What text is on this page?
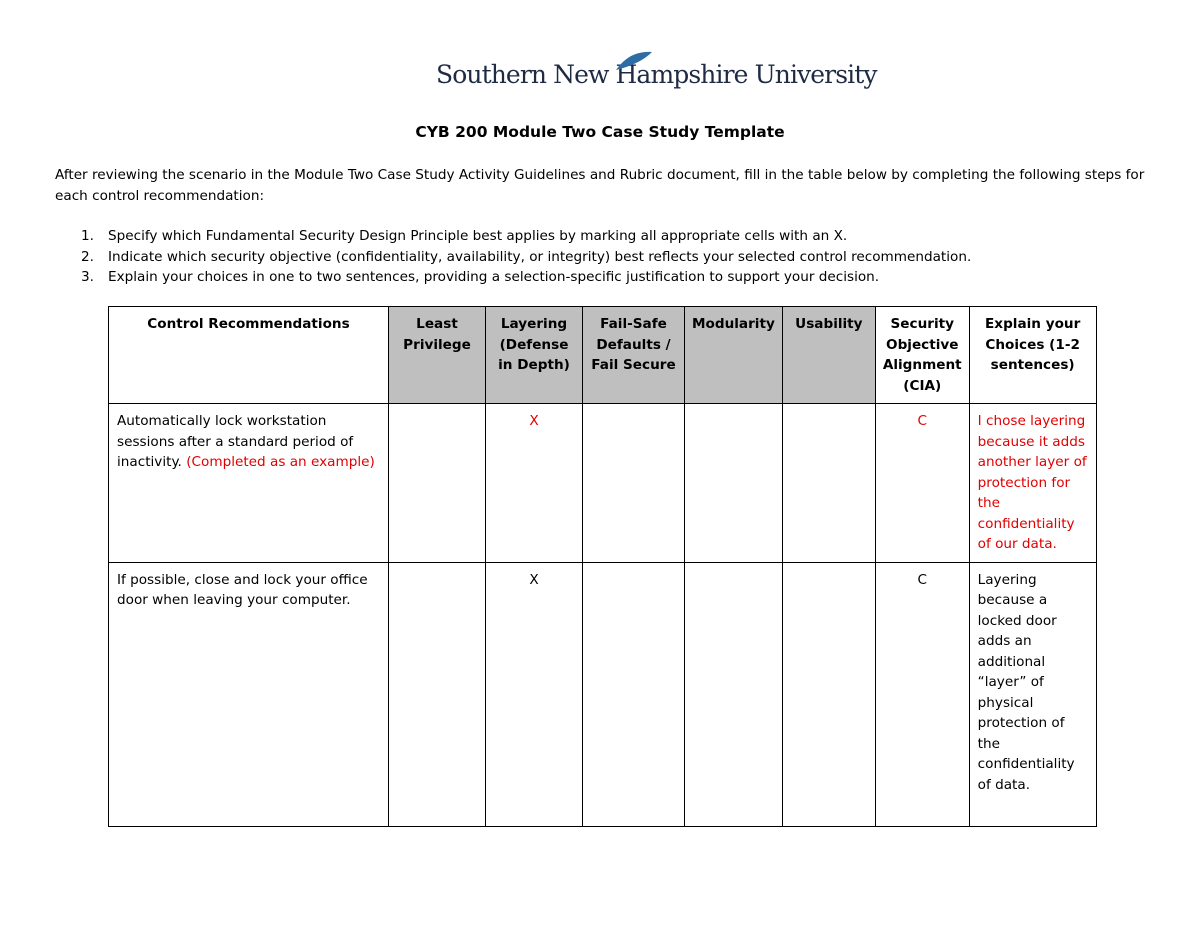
Southern New Hampshire University
CYB 200 Module Two Case Study Template
After reviewing the scenario in the Module Two Case Study Activity Guidelines and Rubric document, fill in the table below by completing the following steps for each control recommendation:
1. Specify which Fundamental Security Design Principle best applies by marking all appropriate cells with an X.
2. Indicate which security objective (confidentiality, availability, or integrity) best reflects your selected control recommendation.
3. Explain your choices in one to two sentences, providing a selection-specific justification to support your decision.
Control Recommendations	Least Privilege	Layering (Defense in Depth)	Fail-Safe Defaults / Fail Secure	Modularity	Usability	Security Objective Alignment (CIA)	Explain your Choices (1-2 sentences)
Automatically lock workstation sessions after a standard period of inactivity. (Completed as an example)		X				C	I chose layering because it adds another layer of protection for the confidentiality of our data.
If possible, close and lock your office door when leaving your computer.		X				C	Layering because a locked door adds an additional “layer” of physical protection of the confidentiality of data.
